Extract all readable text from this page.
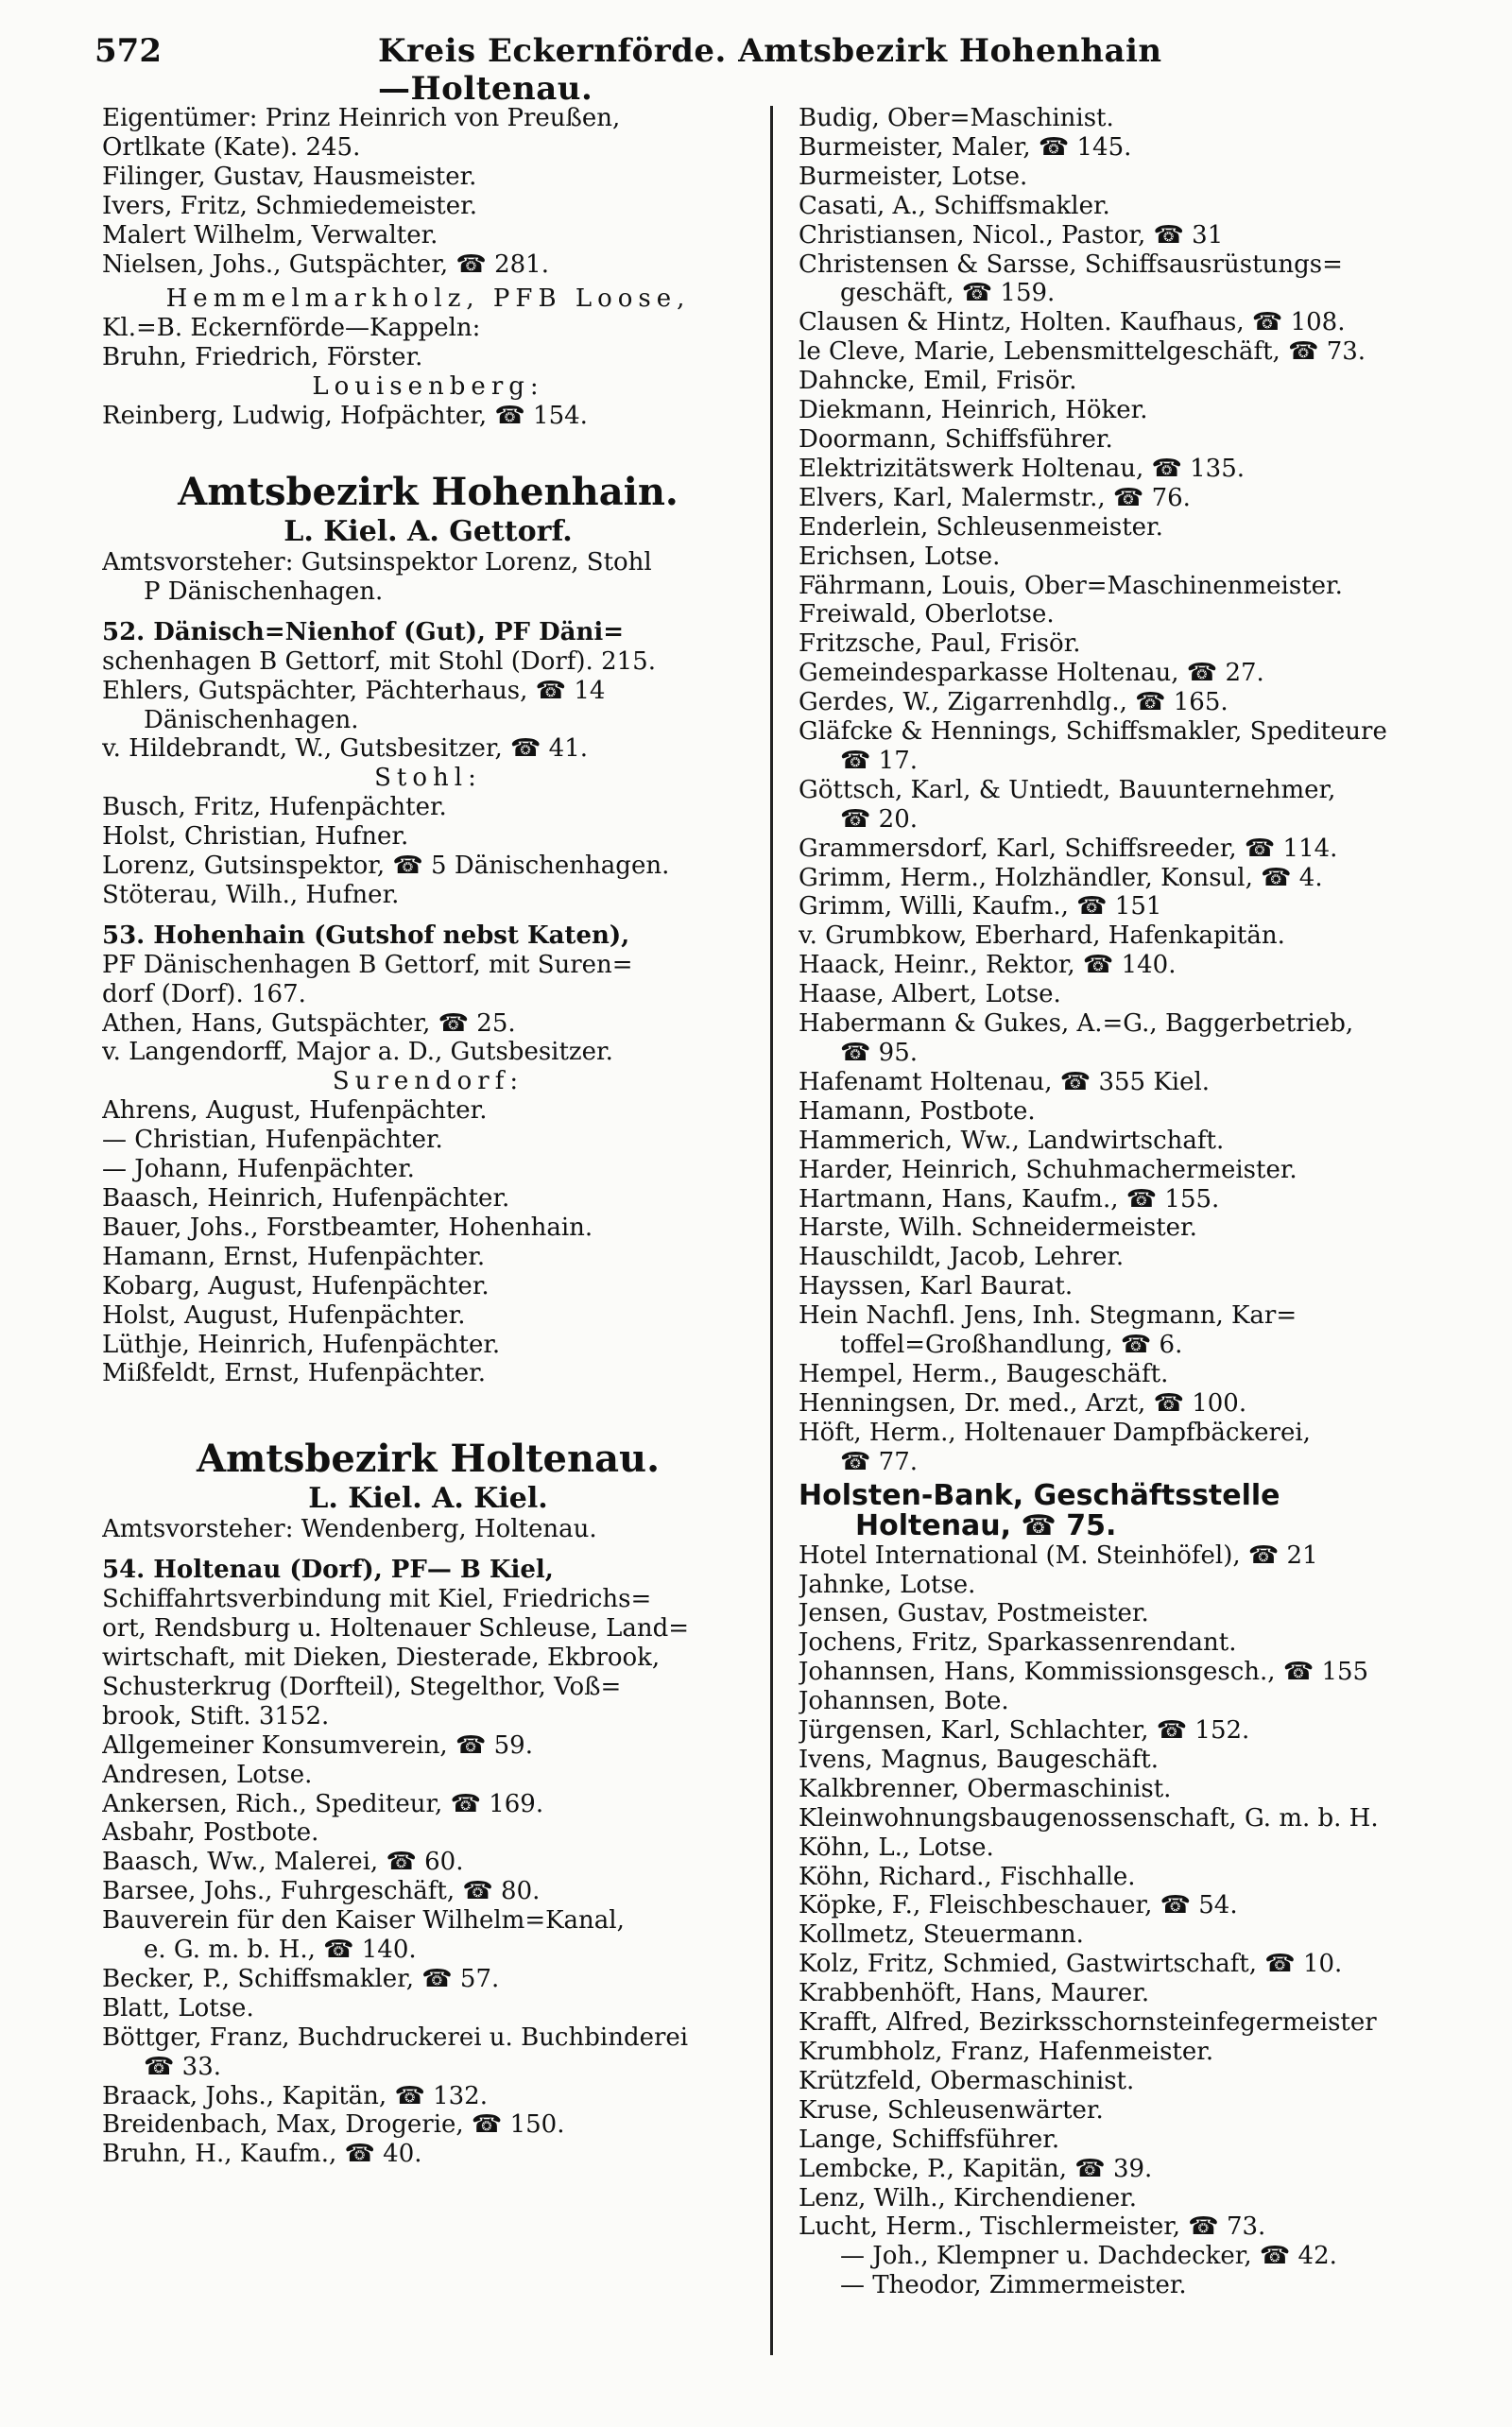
572	Kreis Eckernförde. Amtsbezirk Hohenhain—Holtenau.
Eigentümer: Prinz Heinrich von Preußen,
Ortlkate (Kate). 245.
Filinger, Gustav, Hausmeister.
Ivers, Fritz, Schmiedemeister.
Malert Wilhelm, Verwalter.
Nielsen, Johs., Gutspächter, ☎ 281.
Hemmelmarkholz, PFB Loose,
Kl.=B. Eckernförde—Kappeln:
Bruhn, Friedrich, Förster.
Louisenberg:
Reinberg, Ludwig, Hofpächter, ☎ 154.
Amtsbezirk Hohenhain.
L. Kiel. A. Gettorf.
Amtsvorsteher: Gutsinspektor Lorenz, Stohl
P Dänischenhagen.
52. Dänisch=Nienhof (Gut), PF Däni=
schenhagen B Gettorf, mit Stohl (Dorf). 215.
Ehlers, Gutspächter, Pächterhaus, ☎ 14
Dänischenhagen.
v. Hildebrandt, W., Gutsbesitzer, ☎ 41.
Stohl:
Busch, Fritz, Hufenpächter.
Holst, Christian, Hufner.
Lorenz, Gutsinspektor, ☎ 5 Dänischenhagen.
Stöterau, Wilh., Hufner.
53. Hohenhain (Gutshof nebst Katen),
PF Dänischenhagen B Gettorf, mit Suren=
dorf (Dorf). 167.
Athen, Hans, Gutspächter, ☎ 25.
v. Langendorff, Major a. D., Gutsbesitzer.
Surendorf:
Ahrens, August, Hufenpächter.
— Christian, Hufenpächter.
— Johann, Hufenpächter.
Baasch, Heinrich, Hufenpächter.
Bauer, Johs., Forstbeamter, Hohenhain.
Hamann, Ernst, Hufenpächter.
Kobarg, August, Hufenpächter.
Holst, August, Hufenpächter.
Lüthje, Heinrich, Hufenpächter.
Mißfeldt, Ernst, Hufenpächter.
Amtsbezirk Holtenau.
L. Kiel. A. Kiel.
Amtsvorsteher: Wendenberg, Holtenau.
54. Holtenau (Dorf), PF— B Kiel,
Schiffahrtsverbindung mit Kiel, Friedrichs=
ort, Rendsburg u. Holtenauer Schleuse, Land=
wirtschaft, mit Dieken, Diesterade, Ekbrook,
Schusterkrug (Dorfteil), Stegelthor, Voß=
brook, Stift. 3152.
Allgemeiner Konsumverein, ☎ 59.
Andresen, Lotse.
Ankersen, Rich., Spediteur, ☎ 169.
Asbahr, Postbote.
Baasch, Ww., Malerei, ☎ 60.
Barsee, Johs., Fuhrgeschäft, ☎ 80.
Bauverein für den Kaiser Wilhelm=Kanal,
e. G. m. b. H., ☎ 140.
Becker, P., Schiffsmakler, ☎ 57.
Blatt, Lotse.
Böttger, Franz, Buchdruckerei u. Buchbinderei
☎ 33.
Braack, Johs., Kapitän, ☎ 132.
Breidenbach, Max, Drogerie, ☎ 150.
Bruhn, H., Kaufm., ☎ 40.
Budig, Ober=Maschinist.
Burmeister, Maler, ☎ 145.
Burmeister, Lotse.
Casati, A., Schiffsmakler.
Christiansen, Nicol., Pastor, ☎ 31
Christensen & Sarsse, Schiffsausrüstungs=
geschäft, ☎ 159.
Clausen & Hintz, Holten. Kaufhaus, ☎ 108.
le Cleve, Marie, Lebensmittelgeschäft, ☎ 73.
Dahncke, Emil, Frisör.
Diekmann, Heinrich, Höker.
Doormann, Schiffsführer.
Elektrizitätswerk Holtenau, ☎ 135.
Elvers, Karl, Malermstr., ☎ 76.
Enderlein, Schleusenmeister.
Erichsen, Lotse.
Fährmann, Louis, Ober=Maschinenmeister.
Freiwald, Oberlotse.
Fritzsche, Paul, Frisör.
Gemeindesparkasse Holtenau, ☎ 27.
Gerdes, W., Zigarrenhdlg., ☎ 165.
Gläfcke & Hennings, Schiffsmakler, Spediteure
☎ 17.
Göttsch, Karl, & Untiedt, Bauunternehmer,
☎ 20.
Grammersdorf, Karl, Schiffsreeder, ☎ 114.
Grimm, Herm., Holzhändler, Konsul, ☎ 4.
Grimm, Willi, Kaufm., ☎ 151
v. Grumbkow, Eberhard, Hafenkapitän.
Haack, Heinr., Rektor, ☎ 140.
Haase, Albert, Lotse.
Habermann & Gukes, A.=G., Baggerbetrieb,
☎ 95.
Hafenamt Holtenau, ☎ 355 Kiel.
Hamann, Postbote.
Hammerich, Ww., Landwirtschaft.
Harder, Heinrich, Schuhmachermeister.
Hartmann, Hans, Kaufm., ☎ 155.
Harste, Wilh. Schneidermeister.
Hauschildt, Jacob, Lehrer.
Hayssen, Karl Baurat.
Hein Nachfl. Jens, Inh. Stegmann, Kar=
toffel=Großhandlung, ☎ 6.
Hempel, Herm., Baugeschäft.
Henningsen, Dr. med., Arzt, ☎ 100.
Höft, Herm., Holtenauer Dampfbäckerei,
☎ 77.
Holsten-Bank, Geschäftsstelle
Holtenau, ☎ 75.
Hotel International (M. Steinhöfel), ☎ 21
Jahnke, Lotse.
Jensen, Gustav, Postmeister.
Jochens, Fritz, Sparkassenrendant.
Johannsen, Hans, Kommissionsgesch., ☎ 155
Johannsen, Bote.
Jürgensen, Karl, Schlachter, ☎ 152.
Ivens, Magnus, Baugeschäft.
Kalkbrenner, Obermaschinist.
Kleinwohnungsbaugenossenschaft, G. m. b. H.
Köhn, L., Lotse.
Köhn, Richard., Fischhalle.
Köpke, F., Fleischbeschauer, ☎ 54.
Kollmetz, Steuermann.
Kolz, Fritz, Schmied, Gastwirtschaft, ☎ 10.
Krabbenhöft, Hans, Maurer.
Krafft, Alfred, Bezirksschornsteinfegermeister
Krumbholz, Franz, Hafenmeister.
Krützfeld, Obermaschinist.
Kruse, Schleusenwärter.
Lange, Schiffsführer.
Lembcke, P., Kapitän, ☎ 39.
Lenz, Wilh., Kirchendiener.
Lucht, Herm., Tischlermeister, ☎ 73.
— Joh., Klempner u. Dachdecker, ☎ 42.
— Theodor, Zimmermeister.
